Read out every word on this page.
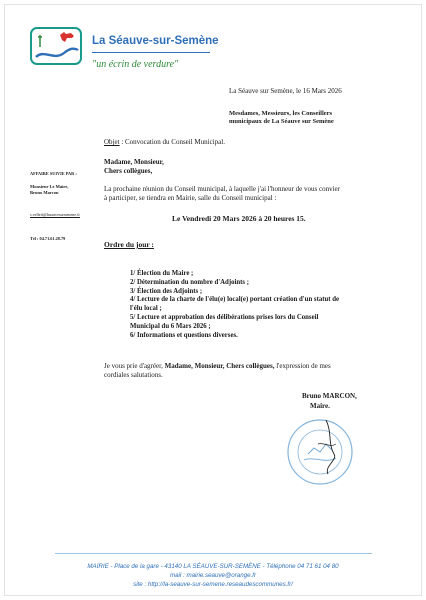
La Séauve-sur-Semène
"un écrin de verdure"
La Séauve sur Semène, le 16 Mars 2026
Mesdames, Messieurs, les Conseillers
municipaux de La Séauve sur Semène
Objet : Convocation du Conseil Municipal.
AFFAIRE SUIVIE PAR :
Monsieur Le Maire,
Bruno Marcon
s.velleit@lasauvesursemene.fr
Tél : 04.71.61.28.79
Madame, Monsieur,
Chers collègues,
La prochaine réunion du Conseil municipal, à laquelle j'ai l'honneur de vous convier
à participer, se tiendra en Mairie, salle du Conseil municipal :
Le Vendredi 20 Mars 2026 à 20 heures 15.
Ordre du jour :
1/ Élection du Maire ;
2/ Détermination du nombre d'Adjoints ;
3/ Élection des Adjoints ;
4/ Lecture de la charte de l'élu(e) local(e) portant création d'un statut de
l'élu local ;
5/ Lecture et approbation des délibérations prises lors du Conseil
Municipal du 6 Mars 2026 ;
6/ Informations et questions diverses.
Je vous prie d'agréer, Madame, Monsieur, Chers collègues, l'expression de mes
cordiales salutations.
Bruno MARCON,
Maire.
MAIRIE - Place de la gare - 43140 LA SÉAUVE-SUR-SEMÈNE - Téléphone 04 71 61 04 80
mail : mairie.seauve@orange.fr
site : http://la-seauve-sur-semene.reseaudescommunes.fr/
